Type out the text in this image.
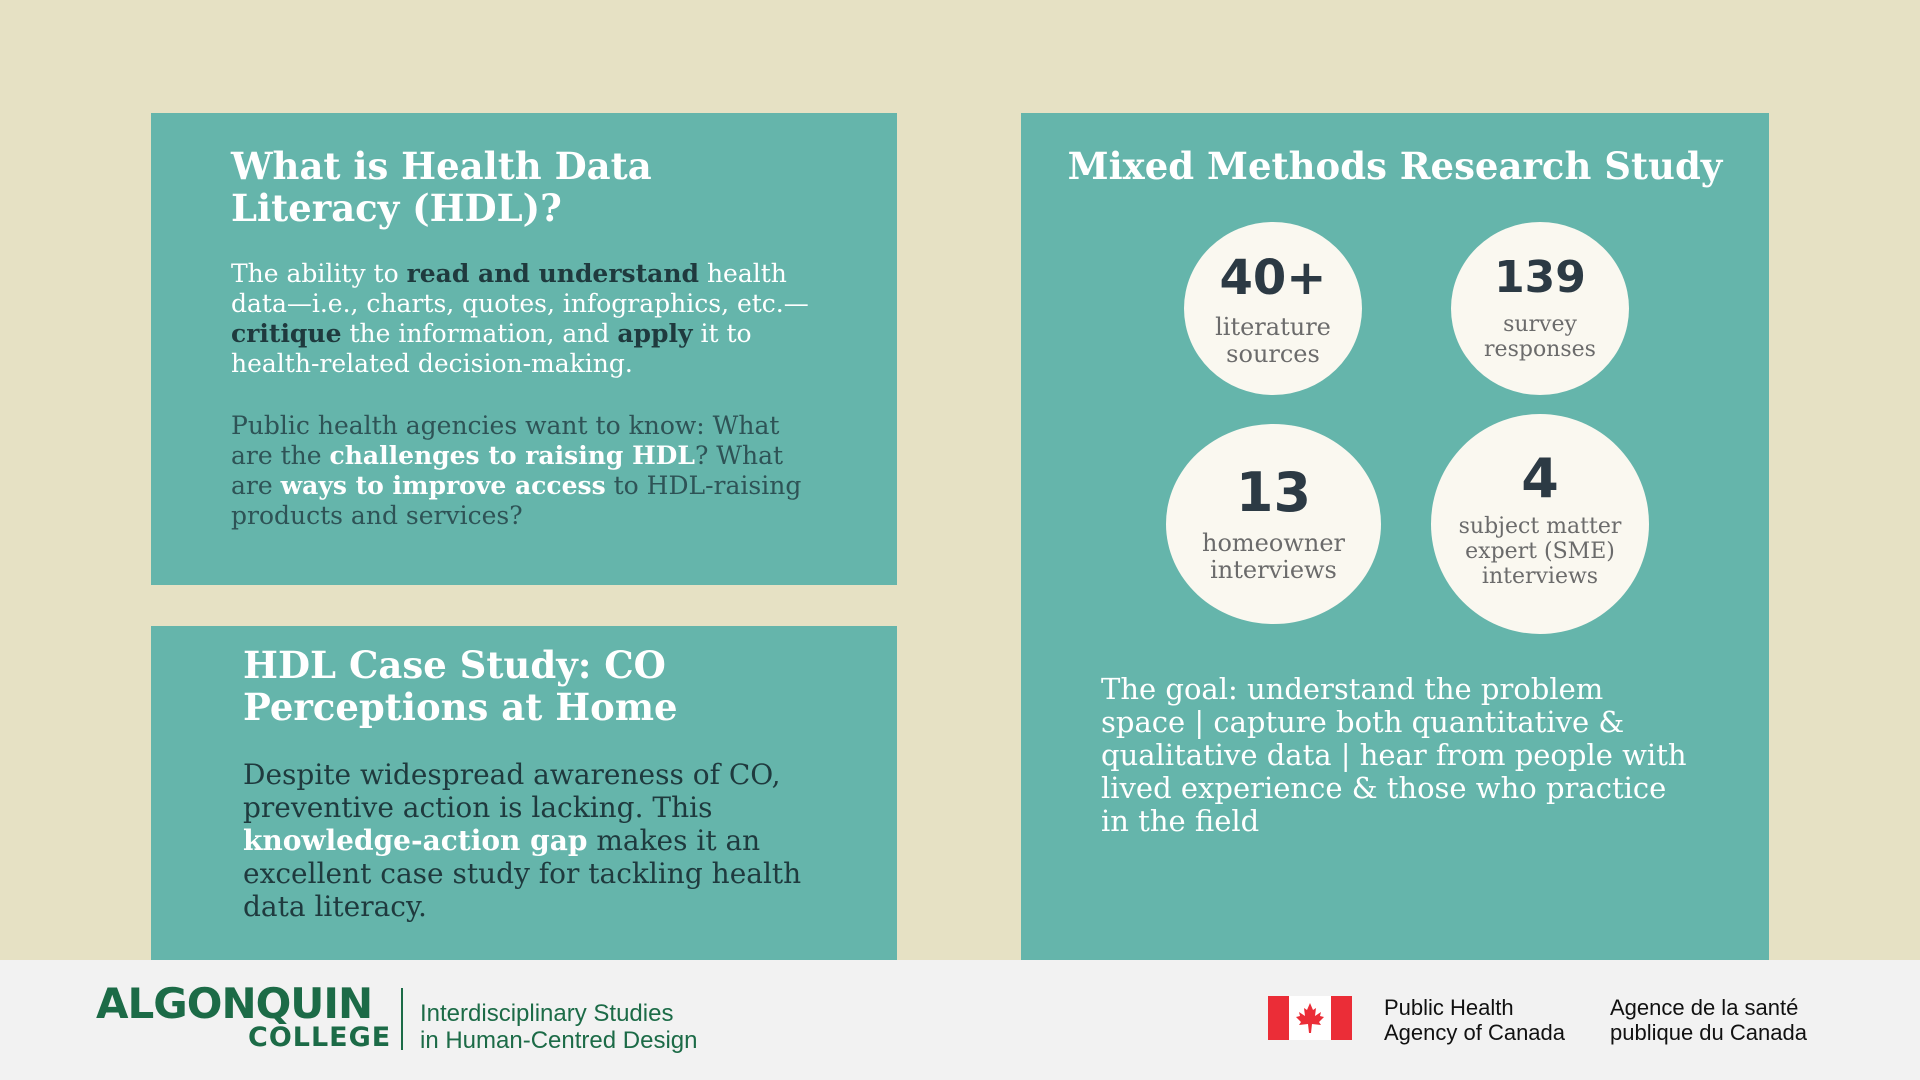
What is Health Data Literacy (HDL)?

The ability to read and understand health data—i.e., charts, quotes, infographics, etc.—critique the information, and apply it to health-related decision-making.

Public health agencies want to know: What are the challenges to raising HDL? What are ways to improve access to HDL-raising products and services?

HDL Case Study: CO Perceptions at Home

Despite widespread awareness of CO, preventive action is lacking. This knowledge-action gap makes it an excellent case study for tackling health data literacy.

Mixed Methods Research Study
40+
literature
sources
139
survey
responses
13
homeowner
interviews
4
subject matter
expert (SME)
interviews

The goal: understand the problem space | capture both quantitative & qualitative data | hear from people with lived experience & those who practice in the field

ALGONQUIN
COLLEGE
Interdisciplinary Studies
in Human-Centred Design
Public Health
Agency of Canada
Agence de la santé
publique du Canada
